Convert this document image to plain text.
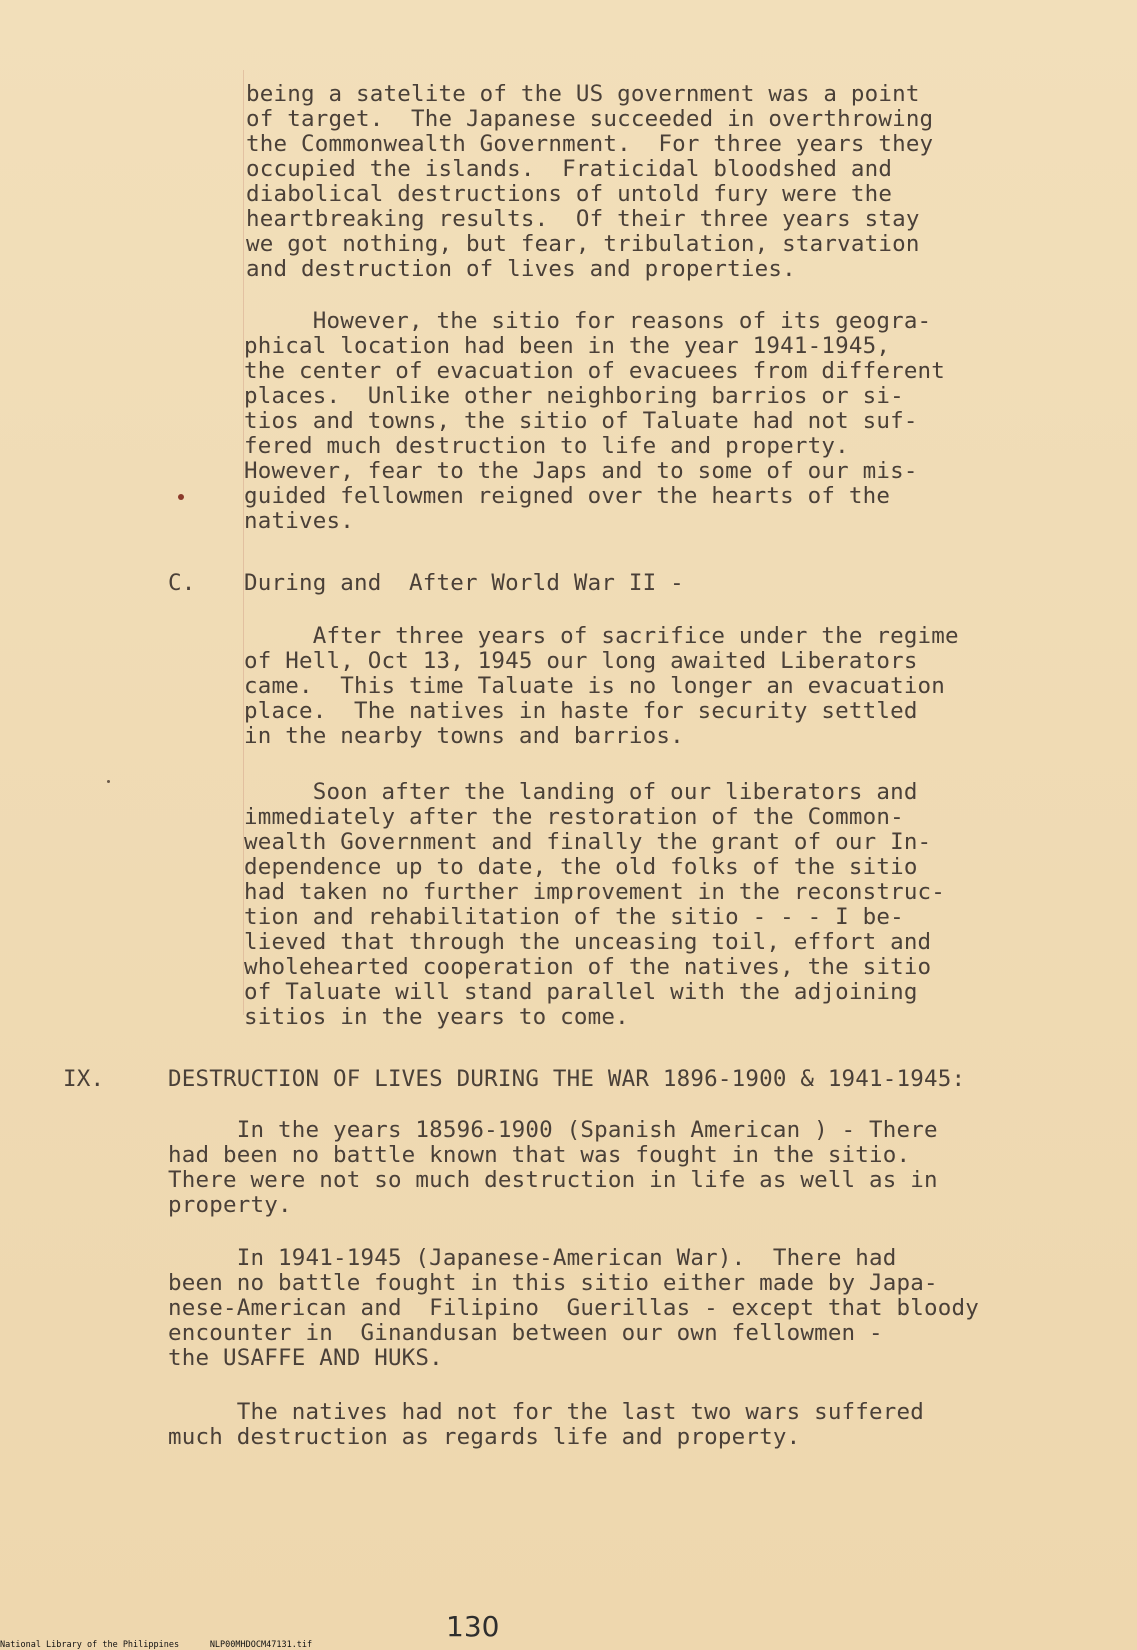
being a satelite of the US government was a point
of target.  The Japanese succeeded in overthrowing
the Commonwealth Government.  For three years they
occupied the islands.  Fraticidal bloodshed and
diabolical destructions of untold fury were the
heartbreaking results.  Of their three years stay
we got nothing, but fear, tribulation, starvation
and destruction of lives and properties.
However, the sitio for reasons of its geogra-
phical location had been in the year 1941-1945,
the center of evacuation of evacuees from different
places.  Unlike other neighboring barrios or si-
tios and towns, the sitio of Taluate had not suf-
fered much destruction to life and property.
However, fear to the Japs and to some of our mis-
guided fellowmen reigned over the hearts of the
natives.
C. During and  After World War II -
After three years of sacrifice under the regime
of Hell, Oct 13, 1945 our long awaited Liberators
came.  This time Taluate is no longer an evacuation
place.  The natives in haste for security settled
in the nearby towns and barrios.
Soon after the landing of our liberators and
immediately after the restoration of the Common-
wealth Government and finally the grant of our In-
dependence up to date, the old folks of the sitio
had taken no further improvement in the reconstruc-
tion and rehabilitation of the sitio - - - I be-
lieved that through the unceasing toil, effort and
wholehearted cooperation of the natives, the sitio
of Taluate will stand parallel with the adjoining
sitios in the years to come.
IX.	DESTRUCTION OF LIVES DURING THE WAR 1896-1900 & 1941-1945:
In the years 18596-1900 (Spanish American ) - There
had been no battle known that was fought in the sitio.
There were not so much destruction in life as well as in
property.
In 1941-1945 (Japanese-American War).  There had
been no battle fought in this sitio either made by Japa-
nese-American and  Filipino  Guerillas - except that bloody
encounter in  Ginandusan between our own fellowmen -
the USAFFE AND HUKS.
The natives had not for the last two wars suffered
much destruction as regards life and property.
130
National Library of the Philippines      NLP00MHDOCM47131.tif
